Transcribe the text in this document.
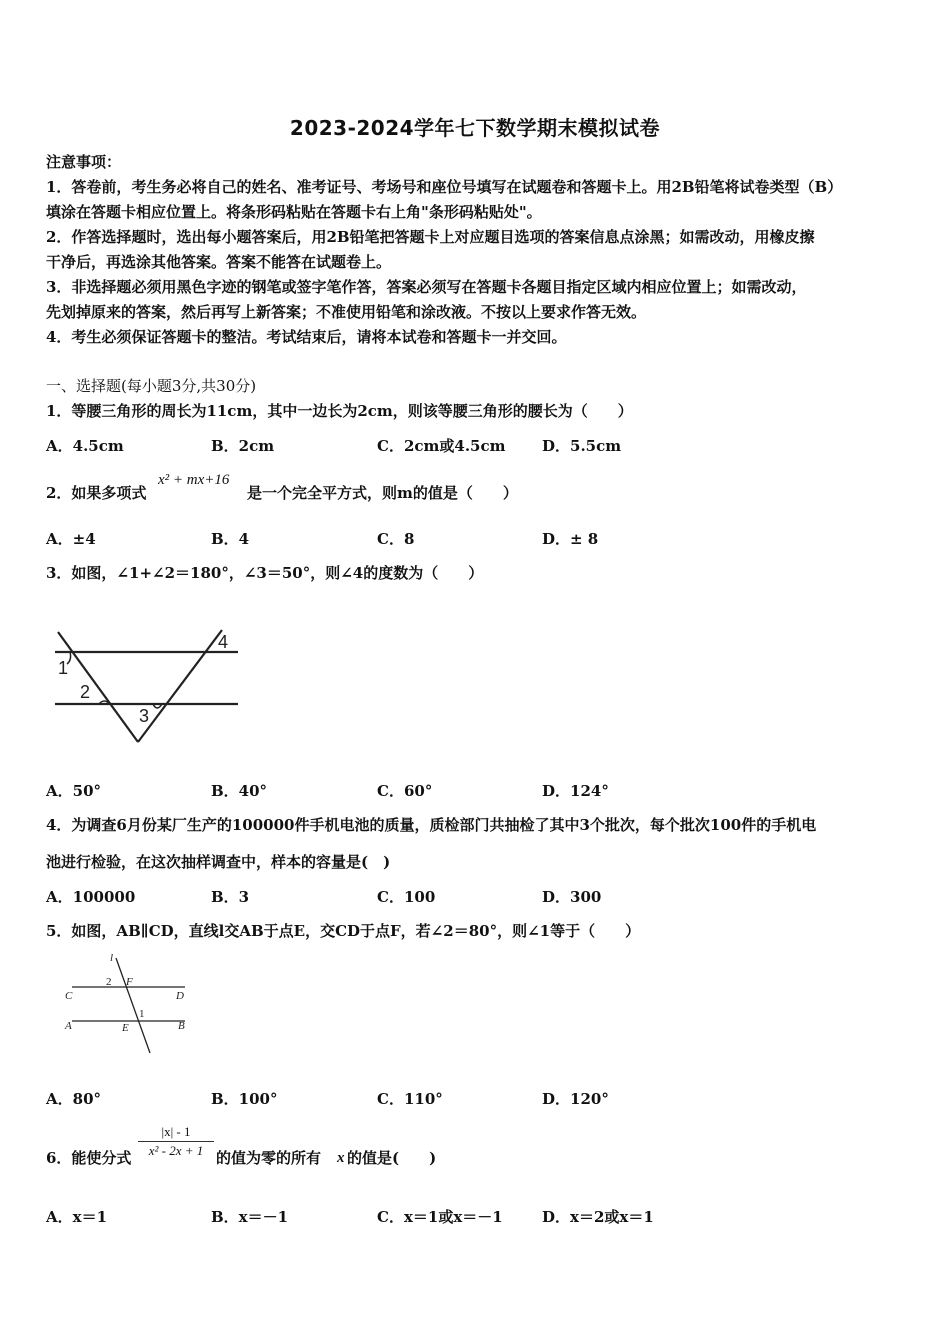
2023-2024学年七下数学期末模拟试卷
注意事项：
1．答卷前，考生务必将自己的姓名、准考证号、考场号和座位号填写在试题卷和答题卡上。用2B铅笔将试卷类型（B）
填涂在答题卡相应位置上。将条形码粘贴在答题卡右上角"条形码粘贴处"。
2．作答选择题时，选出每小题答案后，用2B铅笔把答题卡上对应题目选项的答案信息点涂黑；如需改动，用橡皮擦
干净后，再选涂其他答案。答案不能答在试题卷上。
3．非选择题必须用黑色字迹的钢笔或签字笔作答，答案必须写在答题卡各题目指定区域内相应位置上；如需改动，
先划掉原来的答案，然后再写上新答案；不准使用铅笔和涂改液。不按以上要求作答无效。
4．考生必须保证答题卡的整洁。考试结束后，请将本试卷和答题卡一并交回。
一、选择题(每小题3分,共30分)
1．等腰三角形的周长为11cm，其中一边长为2cm，则该等腰三角形的腰长为（　　）
A．4.5cm	B．2cm	C．2cm或4.5cm D．5.5cm
2．如果多项式
x² + mx+16
是一个完全平方式，则m的值是（　　）
A．±4	B．4	C．8	D．± 8
3．如图，∠1+∠2＝180°，∠3＝50°，则∠4的度数为（　　）
1
2
3
4
A．50°	B．40°	C．60°	D．124°
4．为调查6月份某厂生产的100000件手机电池的质量，质检部门共抽检了其中3个批次，每个批次100件的手机电
池进行检验，在这次抽样调查中，样本的容量是(　)
A．100000	B．3	C．100	D．300
5．如图，AB∥CD，直线l交AB于点E，交CD于点F，若∠2＝80°，则∠1等于（　　）
l
2 F
C	D
1
A	E	B
A．80°	B．100°	C．110°	D．120°
6．能使分式 $\frac{|x| - 1}{\text{x² - 2x + 1}}$ 的值为零的所有 x 的值是(　　)
A．x＝1	B．x＝－1	C．x＝1或x＝－1	D．x＝2或x＝1
